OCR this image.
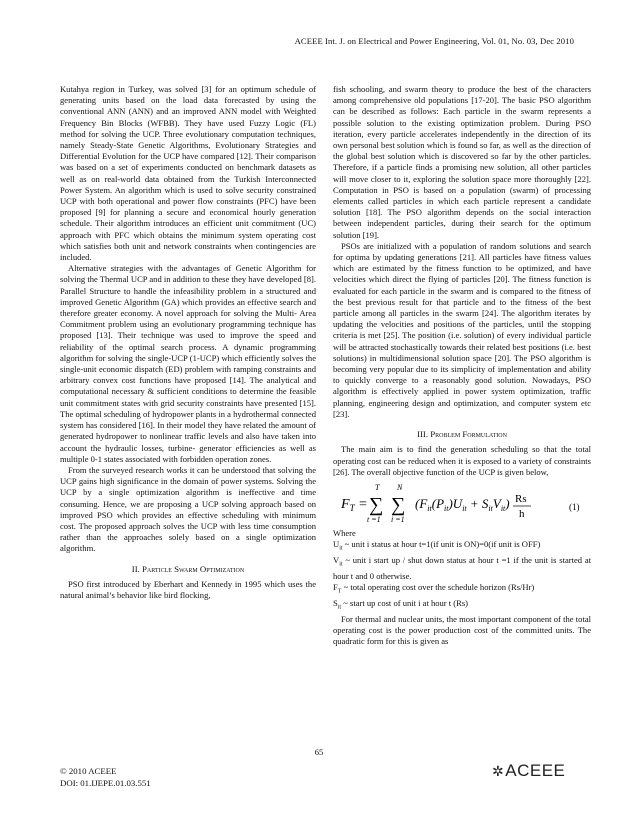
ACEEE Int. J. on Electrical and Power Engineering, Vol. 01, No. 03, Dec 2010

Kutahya region in Turkey, was solved [3] for an optimum schedule of generating units based on the load data forecasted by using the conventional ANN (ANN) and an improved ANN model with Weighted Frequency Bin Blocks (WFBB). They have used Fuzzy Logic (FL) method for solving the UCP. Three evolutionary computation techniques, namely Steady-State Genetic Algorithms, Evolutionary Strategies and Differential Evolution for the UCP have compared [12]. Their comparison was based on a set of experiments conducted on benchmark datasets as well as on real-world data obtained from the Turkish Interconnected Power System. An algorithm which is used to solve security constrained UCP with both operational and power flow constraints (PFC) have been proposed [9] for planning a secure and economical hourly generation schedule. Their algorithm introduces an efficient unit commitment (UC) approach with PFC which obtains the minimum system operating cost which satisfies both unit and network constraints when contingencies are included.

Alternative strategies with the advantages of Genetic Algorithm for solving the Thermal UCP and in addition to these they have developed [8]. Parallel Structure to handle the infeasibility problem in a structured and improved Genetic Algorithm (GA) which provides an effective search and therefore greater economy. A novel approach for solving the Multi- Area Commitment problem using an evolutionary programming technique has proposed [13]. Their technique was used to improve the speed and reliability of the optimal search process. A dynamic programming algorithm for solving the single-UCP (1-UCP) which efficiently solves the single-unit economic dispatch (ED) problem with ramping constraints and arbitrary convex cost functions have proposed [14]. The analytical and computational necessary & sufficient conditions to determine the feasible unit commitment states with grid security constraints have presented [15]. The optimal scheduling of hydropower plants in a hydrothermal connected system has considered [16]. In their model they have related the amount of generated hydropower to nonlinear traffic levels and also have taken into account the hydraulic losses, turbine- generator efficiencies as well as multiple 0-1 states associated with forbidden operation zones.

From the surveyed research works it can be understood that solving the UCP gains high significance in the domain of power systems. Solving the UCP by a single optimization algorithm is ineffective and time consuming. Hence, we are proposing a UCP solving approach based on improved PSO which provides an effective scheduling with minimum cost. The proposed approach solves the UCP with less time consumption rather than the approaches solely based on a single optimization algorithm.

II. Particle Swarm Optimization

PSO first introduced by Eberhart and Kennedy in 1995 which uses the natural animal’s behavior like bird flocking,

fish schooling, and swarm theory to produce the best of the characters among comprehensive old populations [17-20]. The basic PSO algorithm can be described as follows: Each particle in the swarm represents a possible solution to the existing optimization problem. During PSO iteration, every particle accelerates independently in the direction of its own personal best solution which is found so far, as well as the direction of the global best solution which is discovered so far by the other particles. Therefore, if a particle finds a promising new solution, all other particles will move closer to it, exploring the solution space more thoroughly [22]. Computation in PSO is based on a population (swarm) of processing elements called particles in which each particle represent a candidate solution [18]. The PSO algorithm depends on the social interaction between independent particles, during their search for the optimum solution [19].

PSOs are initialized with a population of random solutions and search for optima by updating generations [21]. All particles have fitness values which are estimated by the fitness function to be optimized, and have velocities which direct the flying of particles [20]. The fitness function is evaluated for each particle in the swarm and is compared to the fitness of the best previous result for that particle and to the fitness of the best particle among all particles in the swarm [24]. The algorithm iterates by updating the velocities and positions of the particles, until the stopping criteria is met [25]. The position (i.e. solution) of every individual particle will be attracted stochastically towards their related best positions (i.e. best solutions) in multidimensional solution space [20]. The PSO algorithm is becoming very popular due to its simplicity of implementation and ability to quickly converge to a reasonably good solution. Nowadays, PSO algorithm is effectively applied in power system optimization, traffic planning, engineering design and optimization, and computer system etc [23].

III. Problem Formulation

The main aim is to find the generation scheduling so that the total operating cost can be reduced when it is exposed to a variety of constraints [26]. The overall objective function of the UCP is given below,

$F_T$ =
T
∑
t =1
N
∑
i =1
$(F_{it}(P_{it})U_{it} + S_{it}V_{it})$ Rs
h
(1)

Where

$U_{it}$ ~ unit i status at hour t=1(if unit is ON)=0(if unit is OFF)

$V_{it}$ ~ unit i start up / shut down status at hour t =1 if the unit is started at hour t and 0 otherwise.

$F_T$ ~ total operating cost over the schedule horizon (Rs/Hr)

$S_{it}$ ~ start up cost of unit i at hour t (Rs)

For thermal and nuclear units, the most important component of the total operating cost is the power production cost of the committed units. The quadratic form for this is given as

65
© 2010 ACEEE
DOI: 01.IJEPE.01.03.551
✲ACEEE
